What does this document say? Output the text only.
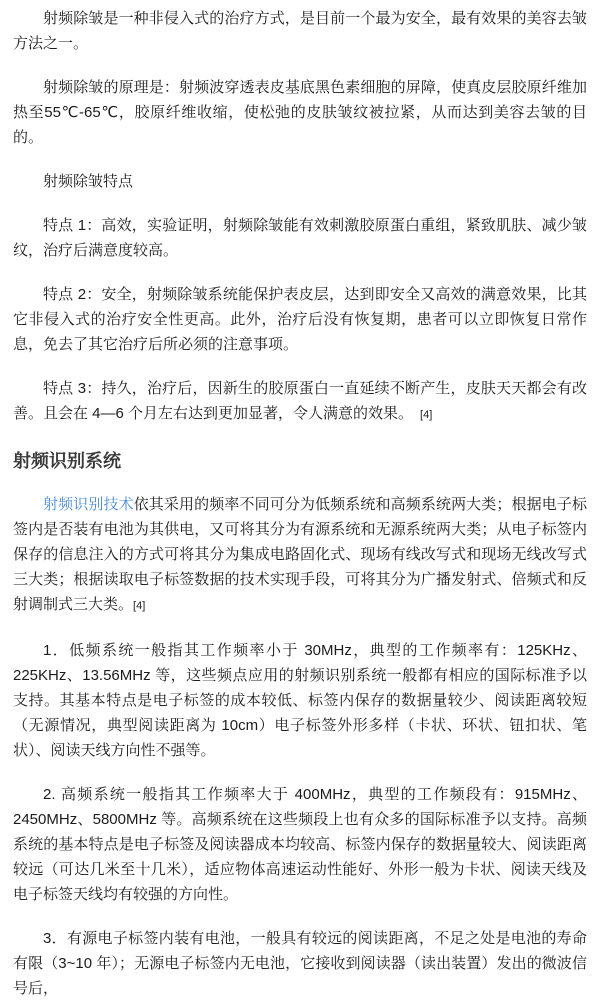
射频除皱是一种非侵入式的治疗方式，是目前一个最为安全，最有效果的美容去皱方法之一。

射频除皱的原理是：射频波穿透表皮基底黑色素细胞的屏障，使真皮层胶原纤维加热至55℃-65℃，胶原纤维收缩，使松弛的皮肤皱纹被拉紧，从而达到美容去皱的目的。

射频除皱特点

特点 1：高效，实验证明，射频除皱能有效刺激胶原蛋白重组，紧致肌肤、减少皱纹，治疗后满意度较高。

特点 2：安全，射频除皱系统能保护表皮层，达到即安全又高效的满意效果，比其它非侵入式的治疗安全性更高。此外，治疗后没有恢复期，患者可以立即恢复日常作息，免去了其它治疗后所必须的注意事项。

特点 3：持久，治疗后，因新生的胶原蛋白一直延续不断产生，皮肤天天都会有改善。且会在 4—6 个月左右达到更加显著，令人满意的效果。 [4]

射频识别系统

射频识别技术依其采用的频率不同可分为低频系统和高频系统两大类；根据电子标签内是否装有电池为其供电，又可将其分为有源系统和无源系统两大类；从电子标签内保存的信息注入的方式可将其分为集成电路固化式、现场有线改写式和现场无线改写式三大类；根据读取电子标签数据的技术实现手段，可将其分为广播发射式、倍频式和反射调制式三大类。[4]

1．低频系统一般指其工作频率小于 30MHz，典型的工作频率有：125KHz、225KHz、13.56MHz 等，这些频点应用的射频识别系统一般都有相应的国际标准予以支持。其基本特点是电子标签的成本较低、标签内保存的数据量较少、阅读距离较短（无源情况，典型阅读距离为 10cm）电子标签外形多样（卡状、环状、钮扣状、笔状）、阅读天线方向性不强等。

2. 高频系统一般指其工作频率大于 400MHz，典型的工作频段有：915MHz、2450MHz、5800MHz 等。高频系统在这些频段上也有众多的国际标准予以支持。高频系统的基本特点是电子标签及阅读器成本均较高、标签内保存的数据量较大、阅读距离较远（可达几米至十几米），适应物体高速运动性能好、外形一般为卡状、阅读天线及电子标签天线均有较强的方向性。

3．有源电子标签内装有电池，一般具有较远的阅读距离，不足之处是电池的寿命有限（3~10 年）；无源电子标签内无电池，它接收到阅读器（读出装置）发出的微波信号后，
